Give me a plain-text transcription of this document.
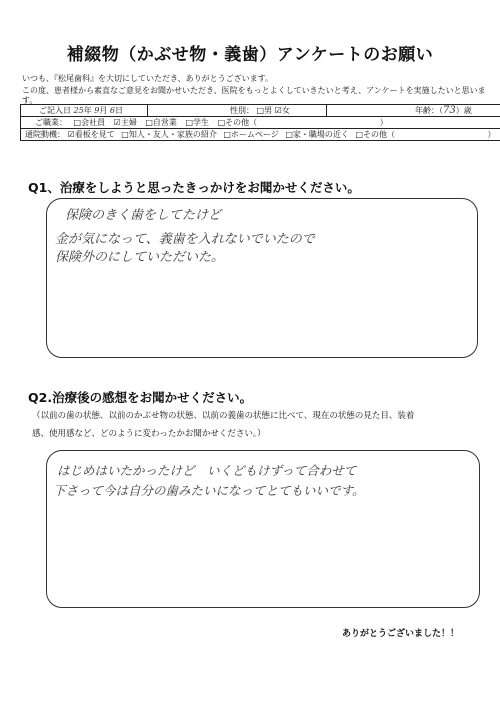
補綴物（かぶせ物・義歯）アンケートのお願い
いつも、『松尾歯科』を大切にしていただき、ありがとうございます。
この度、患者様から素直なご意見をお聞かせいただき、医院をもっとよくしていきたいと考え、アンケートを実施したいと思います。
ご記入日 25年 9月 6日	性別： □男 ☑女	年齢：（73）歳
ご職業： □会社員 ☑主婦 □自営業 □学生 □その他（	）
通院動機： ☑看板を見て □知人・友人・家族の紹介 □ホームページ □家・職場の近く □その他（	）
Q1、治療をしようと思ったきっかけをお聞かせください。
保険のきく歯をしてたけど
金が気になって、義歯を入れないでいたので
保険外のにしていただいた。
Q2.治療後の感想をお聞かせください。
（以前の歯の状態、以前のかぶせ物の状態、以前の義歯の状態に比べて、現在の状態の見た目、装着
感、使用感など、どのように変わったかお聞かせください。）
はじめはいたかったけど　いくどもけずって合わせて
下さって今は自分の歯みたいになってとてもいいです。
ありがとうございました！！
